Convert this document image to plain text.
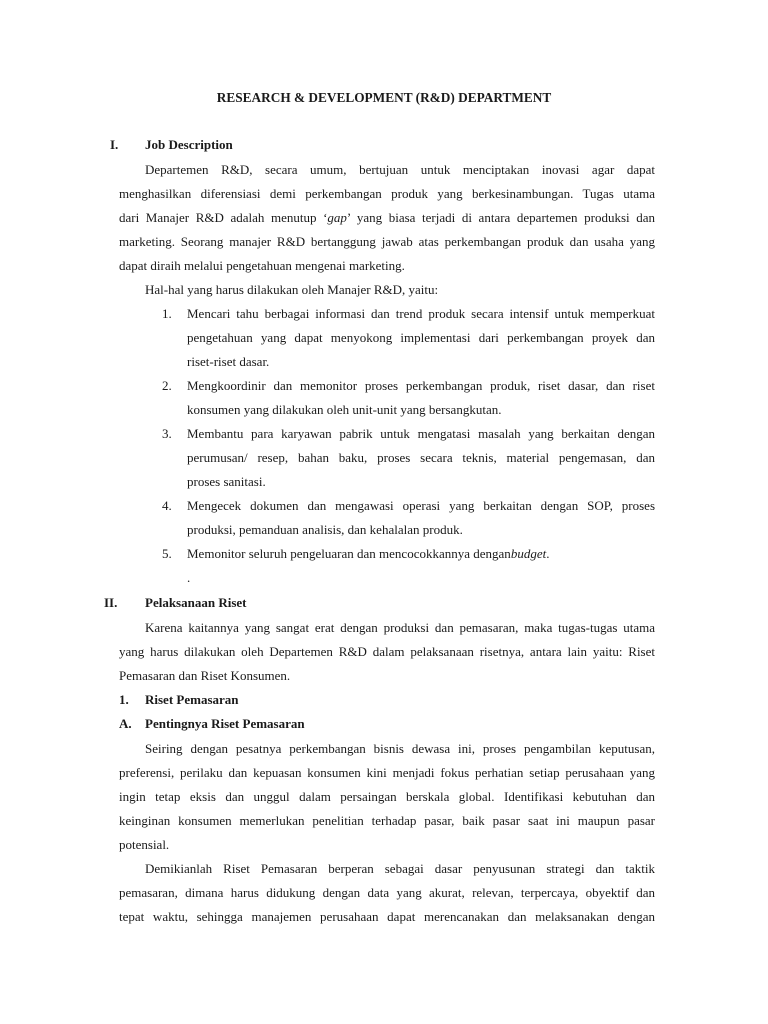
RESEARCH & DEVELOPMENT (R&D) DEPARTMENT
I. Job Description
Departemen R&D, secara umum, bertujuan untuk menciptakan inovasi agar dapat
menghasilkan diferensiasi demi perkembangan produk yang berkesinambungan. Tugas utama
dari Manajer R&D adalah menutup ‘gap’ yang biasa terjadi di antara departemen produksi dan
marketing. Seorang manajer R&D bertanggung jawab atas perkembangan produk dan usaha yang
dapat diraih melalui pengetahuan mengenai marketing.
Hal-hal yang harus dilakukan oleh Manajer R&D, yaitu:
1. Mencari tahu berbagai informasi dan trend produk secara intensif untuk memperkuat
pengetahuan yang dapat menyokong implementasi dari perkembangan proyek dan
riset-riset dasar.
2. Mengkoordinir dan memonitor proses perkembangan produk, riset dasar, dan riset
konsumen yang dilakukan oleh unit-unit yang bersangkutan.
3. Membantu para karyawan pabrik untuk mengatasi masalah yang berkaitan dengan
perumusan/ resep, bahan baku, proses secara teknis, material pengemasan, dan
proses sanitasi.
4. Mengecek dokumen dan mengawasi operasi yang berkaitan dengan SOP, proses
produksi, pemanduan analisis, dan kehalalan produk.
5. Memonitor seluruh pengeluaran dan mencocokkannya denganbudget.
.
II. Pelaksanaan Riset
Karena kaitannya yang sangat erat dengan produksi dan pemasaran, maka tugas-tugas utama
yang harus dilakukan oleh Departemen R&D dalam pelaksanaan risetnya, antara lain yaitu: Riset
Pemasaran dan Riset Konsumen.
1. Riset Pemasaran
A. Pentingnya Riset Pemasaran
Seiring dengan pesatnya perkembangan bisnis dewasa ini, proses pengambilan keputusan,
preferensi, perilaku dan kepuasan konsumen kini menjadi fokus perhatian setiap perusahaan yang
ingin tetap eksis dan unggul dalam persaingan berskala global. Identifikasi kebutuhan dan
keinginan konsumen memerlukan penelitian terhadap pasar, baik pasar saat ini maupun pasar
potensial.
Demikianlah Riset Pemasaran berperan sebagai dasar penyusunan strategi dan taktik
pemasaran, dimana harus didukung dengan data yang akurat, relevan, terpercaya, obyektif dan
tepat waktu, sehingga manajemen perusahaan dapat merencanakan dan melaksanakan dengan
